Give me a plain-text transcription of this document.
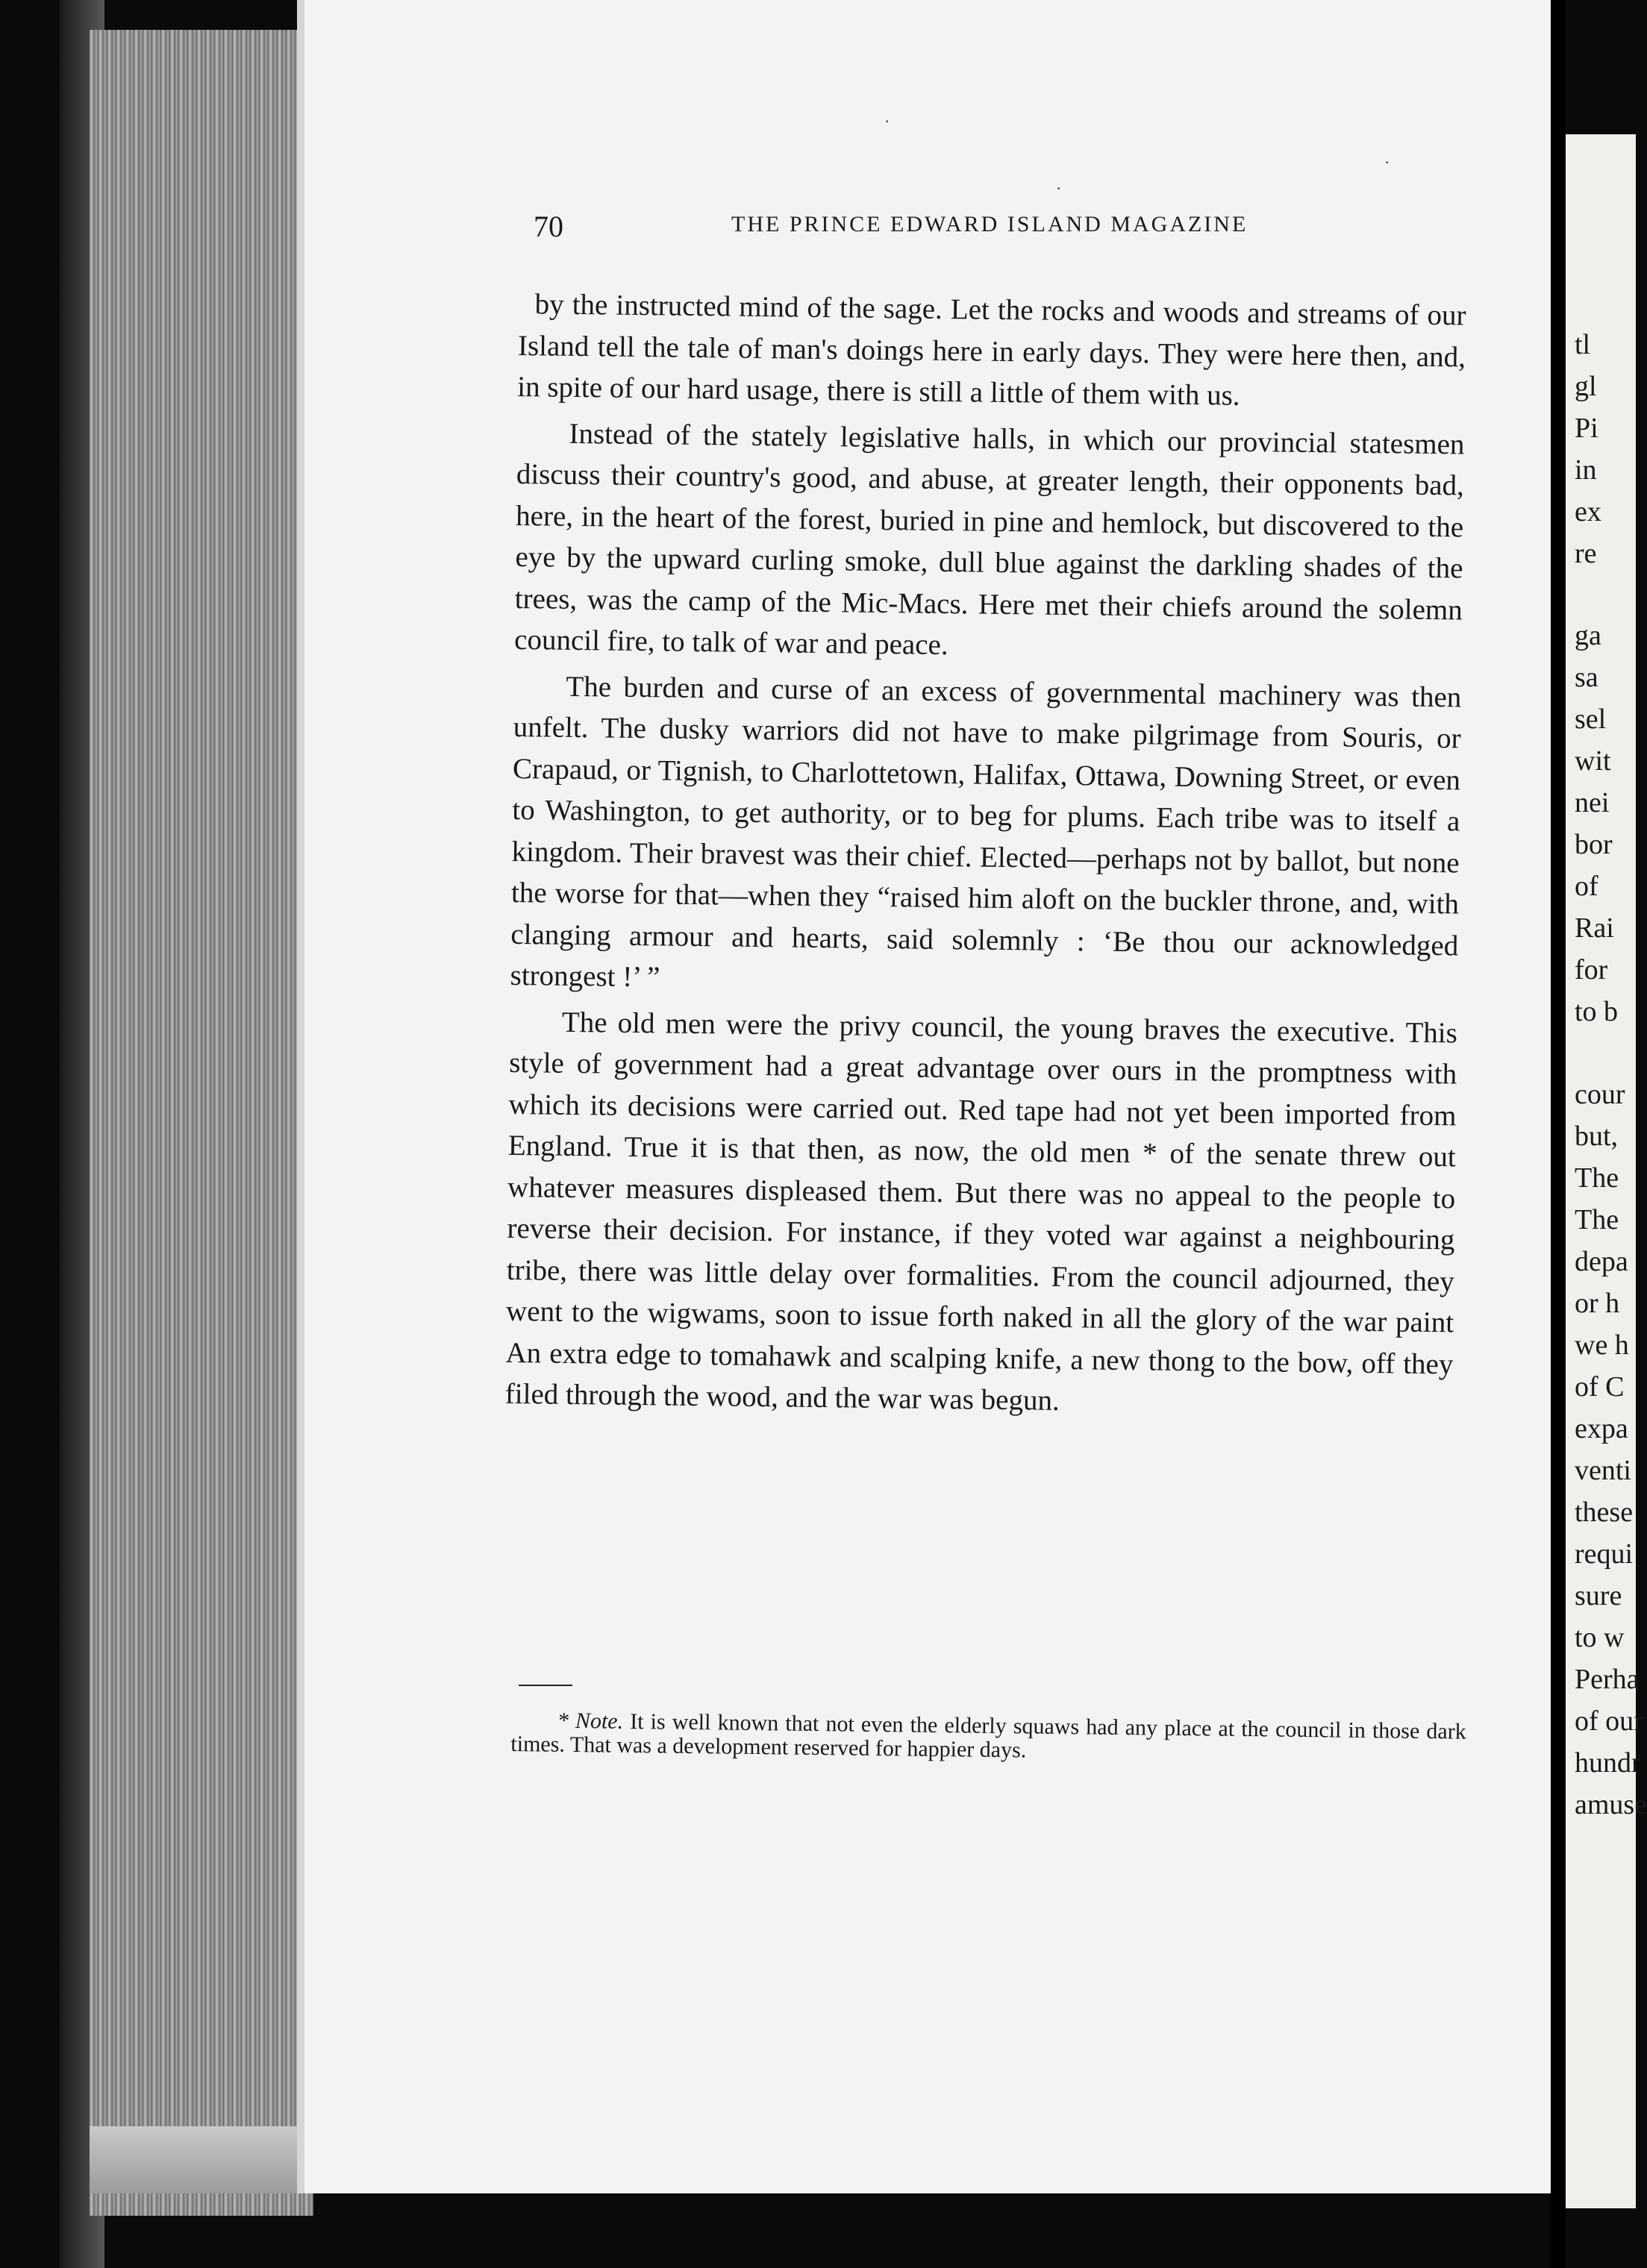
70	THE PRINCE EDWARD ISLAND MAGAZINE

by the instructed mind of the sage. Let the rocks and woods and streams of our Island tell the tale of man's doings here in early days. They were here then, and, in spite of our hard usage, there is still a little of them with us.

Instead of the stately legislative halls, in which our provincial statesmen discuss their country's good, and abuse, at greater length, their opponents bad, here, in the heart of the forest, buried in pine and hemlock, but discovered to the eye by the upward curling smoke, dull blue against the darkling shades of the trees, was the camp of the Mic-Macs. Here met their chiefs around the solemn council fire, to talk of war and peace.

The burden and curse of an excess of governmental machinery was then unfelt. The dusky warriors did not have to make pilgrimage from Souris, or Crapaud, or Tignish, to Charlottetown, Halifax, Ottawa, Downing Street, or even to Washington, to get authority, or to beg for plums. Each tribe was to itself a kingdom. Their bravest was their chief. Elected—perhaps not by ballot, but none the worse for that—when they “raised him aloft on the buckler throne, and, with clanging armour and hearts, said solemnly : ‘Be thou our acknowledged strongest !’ ”

The old men were the privy council, the young braves the executive. This style of government had a great advantage over ours in the promptness with which its decisions were carried out. Red tape had not yet been imported from England. True it is that then, as now, the old men * of the senate threw out whatever measures displeased them. But there was no appeal to the people to reverse their decision. For instance, if they voted war against a neighbouring tribe, there was little delay over formalities. From the council adjourned, they went to the wigwams, soon to issue forth naked in all the glory of the war paint An extra edge to tomahawk and scalping knife, a new thong to the bow, off they filed through the wood, and the war was begun.

* Note. It is well known that not even the elderly squaws had any place at the council in those dark times. That was a development reserved for happier days.
tl
gl
Pi
in
ex
re
ga
sa
sel
wit
nei
bor
of
Rai
for
to b
cour
but,
The
The
depa
or h
we h
of C
expa
venti
these
requi
sure
to w
Perha
of our
hundr
amuse
·
·
·
